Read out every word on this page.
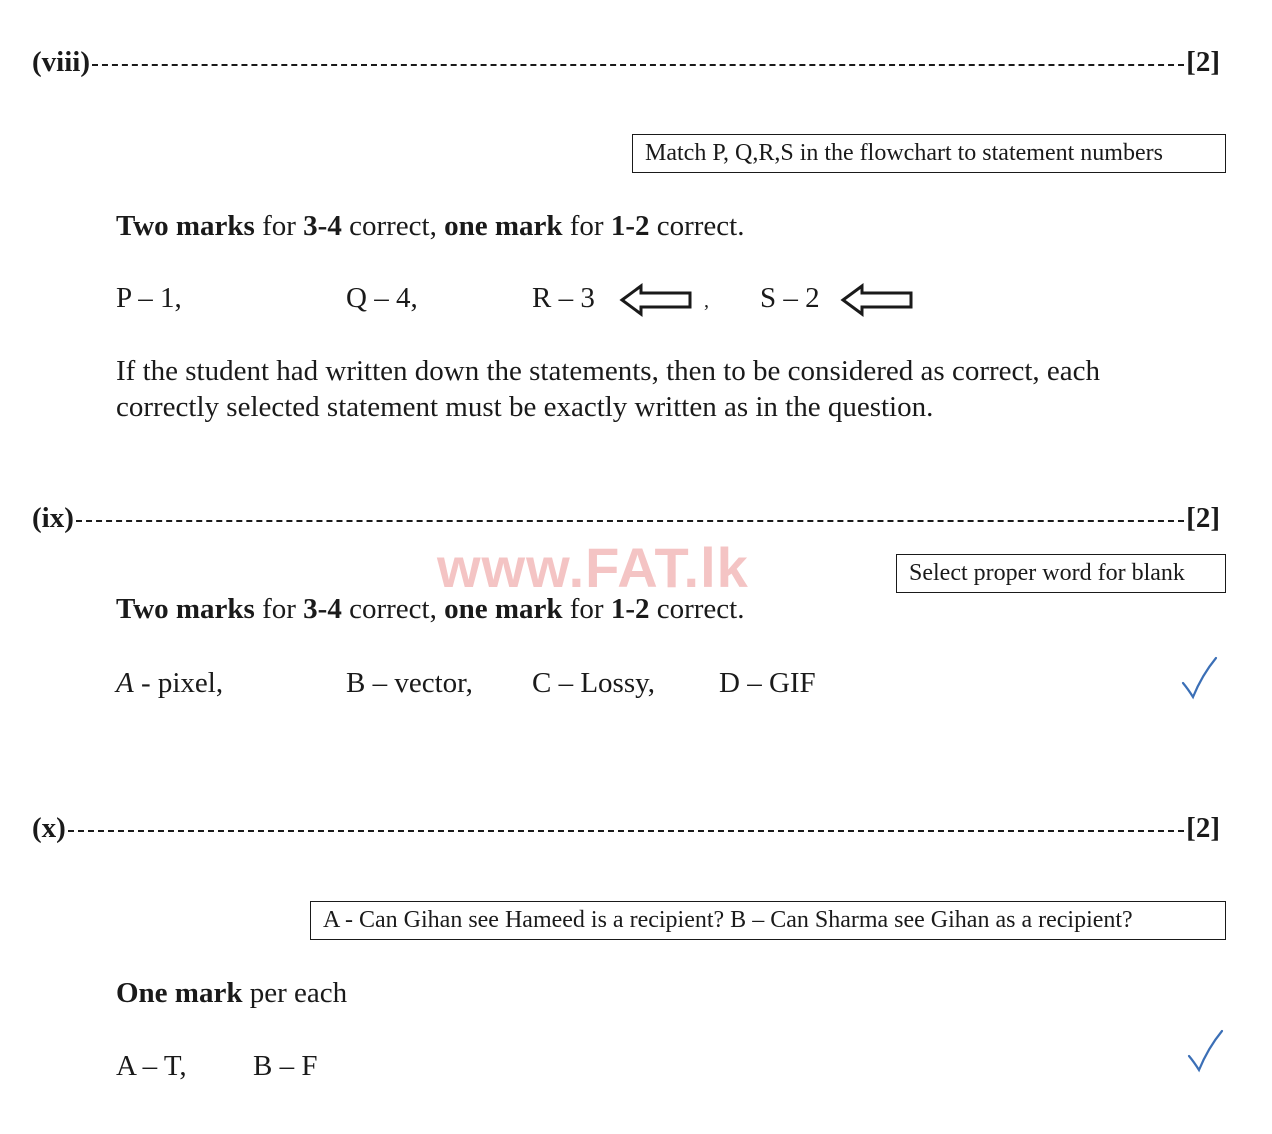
(viii)	[2]
Match P, Q,R,S in the flowchart to statement numbers
Two marks for 3-4 correct, one mark for 1-2 correct.
P – 1,	Q – 4,	R – 3	, S – 2
If the student had written down the statements, then to be considered as correct, each
correctly selected statement must be exactly written as in the question.
(ix)	[2]
www.FAT.lk	Select proper word for blank
Two marks for 3-4 correct, one mark for 1-2 correct.
A - pixel,	B – vector, C – Lossy, D – GIF
(x)	[2]
A - Can Gihan see Hameed is a recipient? B – Can Sharma see Gihan as a recipient?
One mark per each
A – T, B – F
